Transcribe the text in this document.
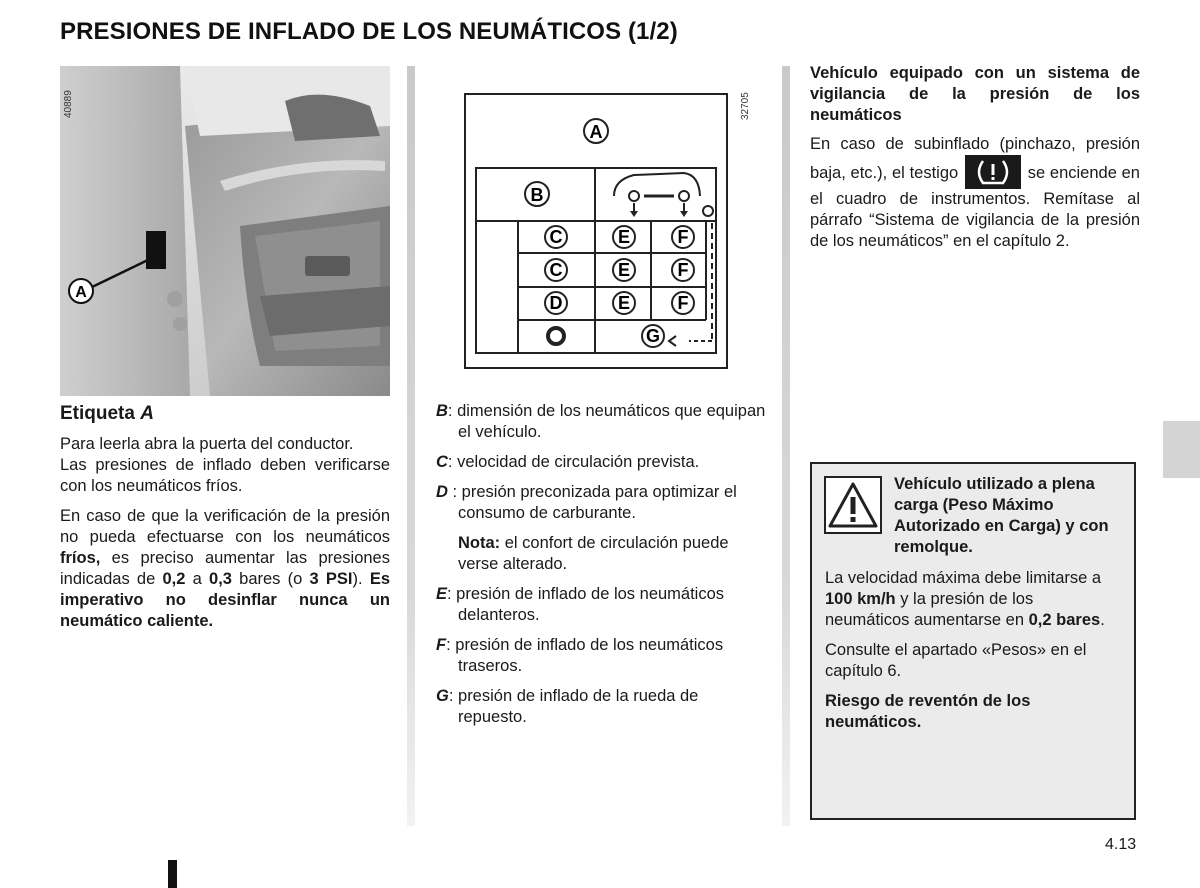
PRESIONES DE INFLADO DE LOS NEUMÁTICOS (1/2)
A
40889
A
B
C	E	F
C	E	F
D	E	F
G
32705
Etiqueta A

Para leerla abra la puerta del conductor.

Las presiones de inflado deben verificarse con los neumáticos fríos.

En caso de que la verificación de la presión no pueda efectuarse con los neumáticos fríos, es preciso aumentar las presiones indicadas de 0,2 a 0,3 bares (o 3 PSI). Es imperativo no desinflar nunca un neumático caliente.

B: dimensión de los neumáticos que equipan el vehículo.

C: velocidad de circulación prevista.

D : presión preconizada para optimizar el consumo de carburante.

Nota: el confort de circulación puede verse alterado.

E: presión de inflado de los neumáticos delanteros.

F: presión de inflado de los neumáticos traseros.

G: presión de inflado de la rueda de repuesto.

Vehículo equipado con un sistema de vigilancia de la presión de los neumáticos

En caso de subinflado (pinchazo, presión baja, etc.), el testigo	se enciende en el cuadro de instrumentos. Remítase al párrafo “Sistema de vigilancia de la presión de los neumáticos” en el capítulo 2.

Vehículo utilizado a plena carga (Peso Máximo Autorizado en Carga) y con remolque.

La velocidad máxima debe limitarse a 100 km/h y la presión de los neumáticos aumentarse en 0,2 bares.

Consulte el apartado «Pesos» en el capítulo 6.

Riesgo de reventón de los neumáticos.

4.13
